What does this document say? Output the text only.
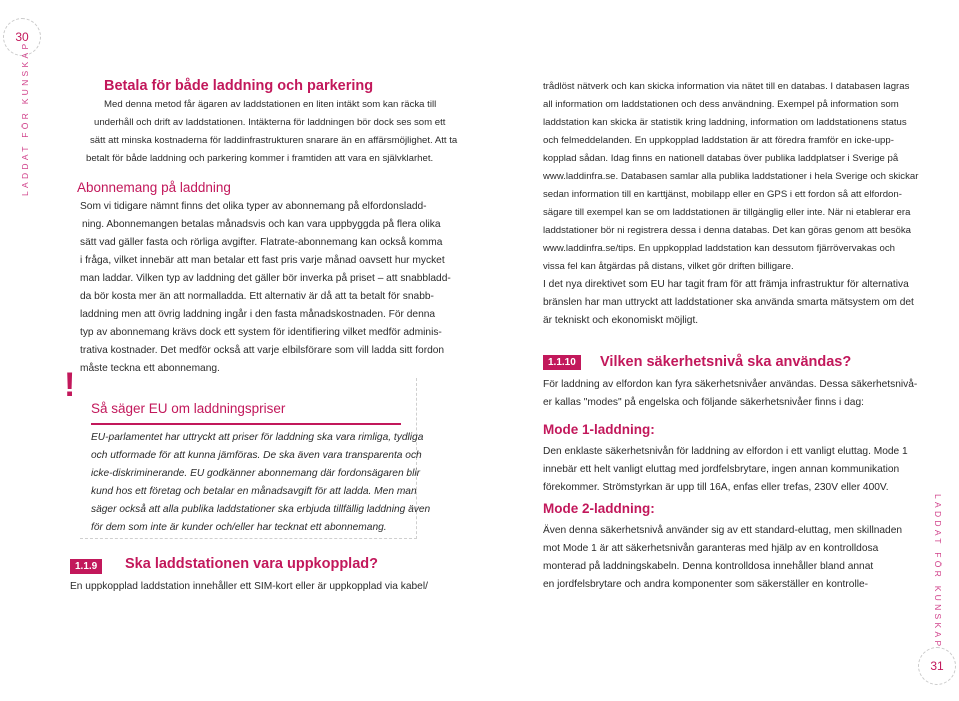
30
LADDAT FÖR KUNSKAP	Betala för både laddning och parkering
Med denna metod får ägaren av laddstationen en liten intäkt som kan räcka till
underhåll och drift av laddstationen. Intäkterna för laddningen bör dock ses som ett
sätt att minska kostnaderna för laddinfrastrukturen snarare än en affärsmöjlighet. Att ta
betalt för både laddning och parkering kommer i framtiden att vara en självklarhet.
Abonnemang på laddning
Som vi tidigare nämnt finns det olika typer av abonnemang på elfordonsladd-
ning. Abonnemangen betalas månadsvis och kan vara uppbyggda på flera olika
sätt vad gäller fasta och rörliga avgifter. Flatrate-abonnemang kan också komma
i fråga, vilket innebär att man betalar ett fast pris varje månad oavsett hur mycket
man laddar. Vilken typ av laddning det gäller bör inverka på priset – att snabbladd-
da bör kosta mer än att normalladda. Ett alternativ är då att ta betalt för snabb-
laddning men att övrig laddning ingår i den fasta månadskostnaden. För denna
typ av abonnemang krävs dock ett system för identifiering vilket medför adminis-
trativa kostnader. Det medför också att varje elbilsförare som vill ladda sitt fordon
måste teckna ett abonnemang.
!
Så säger EU om laddningspriser
EU-parlamentet har uttryckt att priser för laddning ska vara rimliga, tydliga
och utformade för att kunna jämföras. De ska även vara transparenta och
icke-diskriminerande. EU godkänner abonnemang där fordonsägaren blir
kund hos ett företag och betalar en månadsavgift för att ladda. Men man
säger också att alla publika laddstationer ska erbjuda tillfällig laddning även
för dem som inte är kunder och/eller har tecknat ett abonnemang.
1.1.9	Ska laddstationen vara uppkopplad?
En uppkopplad laddstation innehåller ett SIM-kort eller är uppkopplad via kabel/
trådlöst nätverk och kan skicka information via nätet till en databas. I databasen lagras
all information om laddstationen och dess användning. Exempel på information som
laddstation kan skicka är statistik kring laddning, information om laddstationens status
och felmeddelanden. En uppkopplad laddstation är att föredra framför en icke-upp-
kopplad sådan. Idag finns en nationell databas över publika laddplatser i Sverige på
www.laddinfra.se. Databasen samlar alla publika laddstationer i hela Sverige och skickar
sedan information till en karttjänst, mobilapp eller en GPS i ett fordon så att elfordon-
sägare till exempel kan se om laddstationen är tillgänglig eller inte. När ni etablerar era
laddstationer bör ni registrera dessa i denna databas. Det kan göras genom att besöka
www.laddinfra.se/tips. En uppkopplad laddstation kan dessutom fjärrövervakas och
vissa fel kan åtgärdas på distans, vilket gör driften billigare.
I det nya direktivet som EU har tagit fram för att främja infrastruktur för alternativa
bränslen har man uttryckt att laddstationer ska använda smarta mätsystem om det
är tekniskt och ekonomiskt möjligt.
1.1.10	Vilken säkerhetsnivå ska användas?
För laddning av elfordon kan fyra säkerhetsnivåer användas. Dessa säkerhetsnivå-
er kallas "modes" på engelska och följande säkerhetsnivåer finns i dag:
Mode 1-laddning:
Den enklaste säkerhetsnivån för laddning av elfordon i ett vanligt eluttag. Mode 1
innebär ett helt vanligt eluttag med jordfelsbrytare, ingen annan kommunikation
förekommer. Strömstyrkan är upp till 16A, enfas eller trefas, 230V eller 400V.
Mode 2-laddning:
Även denna säkerhetsnivå använder sig av ett standard-eluttag, men skillnaden
mot Mode 1 är att säkerhetsnivån garanteras med hjälp av en kontrolldosa
monterad på laddningskabeln. Denna kontrolldosa innehåller bland annat
en jordfelsbrytare och andra komponenter som säkerställer en kontrolle-	LADDAT FÖR KUNSKAP
31
